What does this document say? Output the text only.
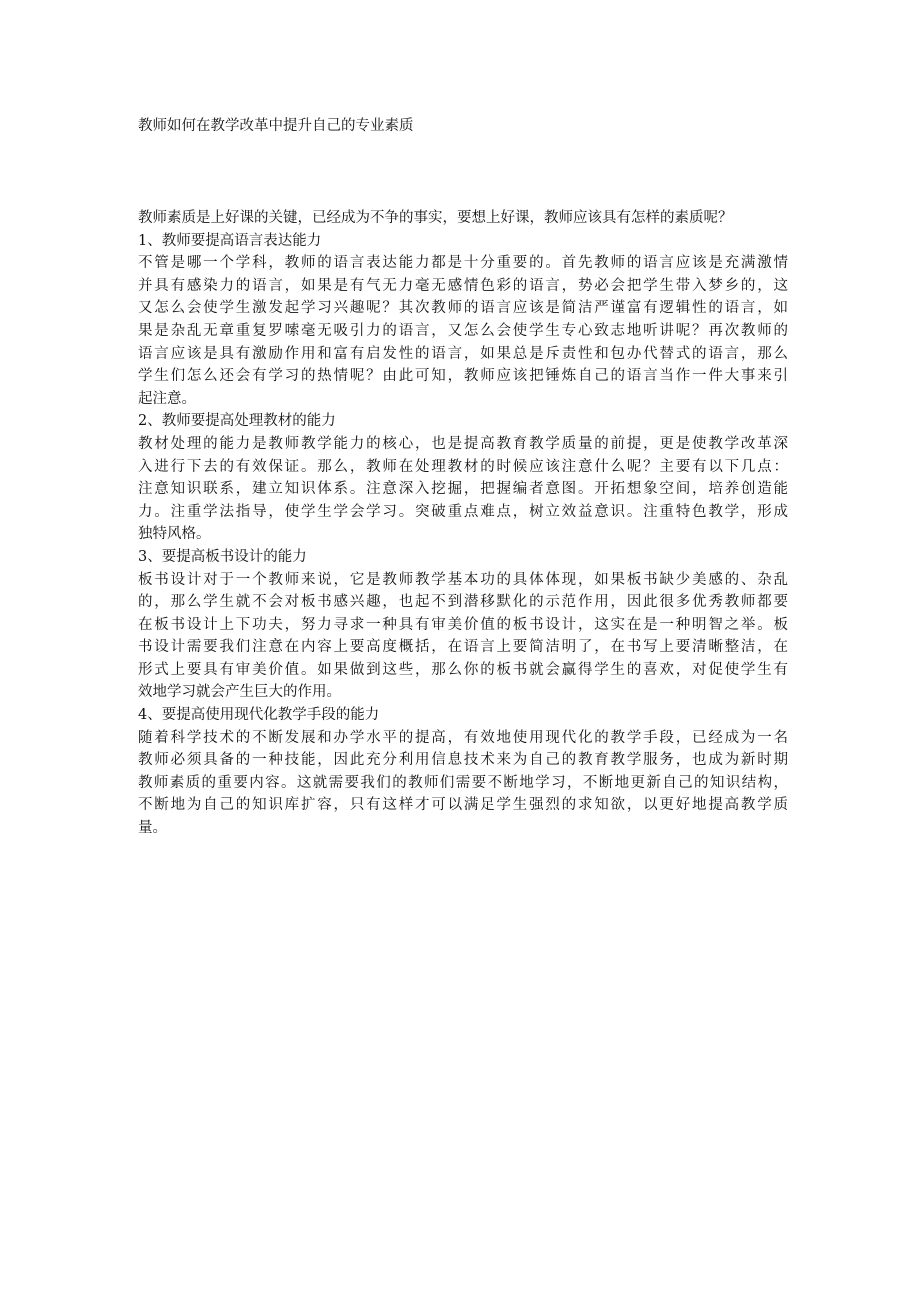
教师如何在教学改革中提升自己的专业素质
教师素质是上好课的关键，已经成为不争的事实，要想上好课，教师应该具有怎样的素质呢？
1、教师要提高语言表达能力
不管是哪一个学科，教师的语言表达能力都是十分重要的。首先教师的语言应该是充满激情
并具有感染力的语言，如果是有气无力毫无感情色彩的语言，势必会把学生带入梦乡的，这
又怎么会使学生激发起学习兴趣呢？其次教师的语言应该是简洁严谨富有逻辑性的语言，如
果是杂乱无章重复罗嗦毫无吸引力的语言，又怎么会使学生专心致志地听讲呢？再次教师的
语言应该是具有激励作用和富有启发性的语言，如果总是斥责性和包办代替式的语言，那么
学生们怎么还会有学习的热情呢？由此可知，教师应该把锤炼自己的语言当作一件大事来引
起注意。
2、教师要提高处理教材的能力
教材处理的能力是教师教学能力的核心，也是提高教育教学质量的前提，更是使教学改革深
入进行下去的有效保证。那么，教师在处理教材的时候应该注意什么呢？主要有以下几点：
注意知识联系，建立知识体系。注意深入挖掘，把握编者意图。开拓想象空间，培养创造能
力。注重学法指导，使学生学会学习。突破重点难点，树立效益意识。注重特色教学，形成
独特风格。
3、要提高板书设计的能力
板书设计对于一个教师来说，它是教师教学基本功的具体体现，如果板书缺少美感的、杂乱
的，那么学生就不会对板书感兴趣，也起不到潜移默化的示范作用，因此很多优秀教师都要
在板书设计上下功夫，努力寻求一种具有审美价值的板书设计，这实在是一种明智之举。板
书设计需要我们注意在内容上要高度概括，在语言上要简洁明了，在书写上要清晰整洁，在
形式上要具有审美价值。如果做到这些，那么你的板书就会赢得学生的喜欢，对促使学生有
效地学习就会产生巨大的作用。
4、要提高使用现代化教学手段的能力
随着科学技术的不断发展和办学水平的提高，有效地使用现代化的教学手段，已经成为一名
教师必须具备的一种技能，因此充分利用信息技术来为自己的教育教学服务，也成为新时期
教师素质的重要内容。这就需要我们的教师们需要不断地学习，不断地更新自己的知识结构，
不断地为自己的知识库扩容，只有这样才可以满足学生强烈的求知欲，以更好地提高教学质
量。
